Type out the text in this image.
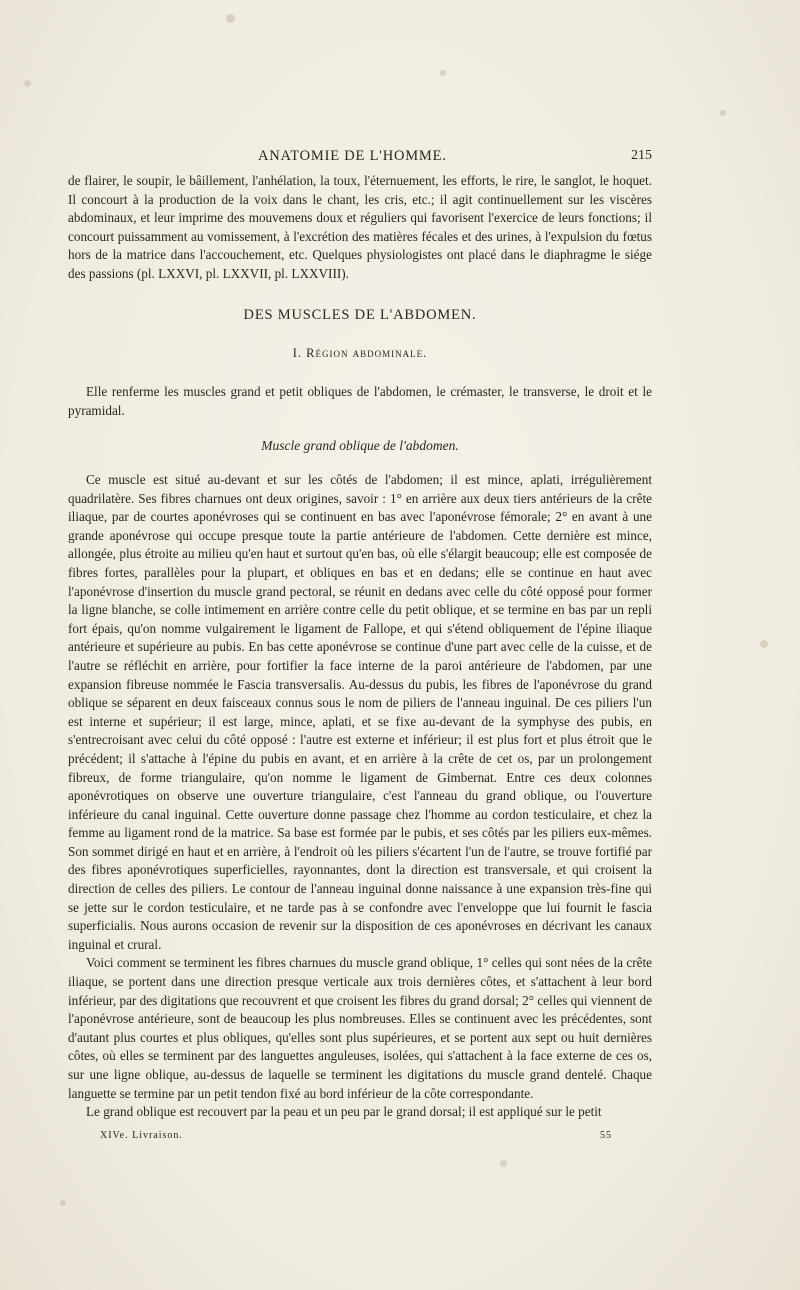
ANATOMIE DE L'HOMME.	215

de flairer, le soupir, le bâillement, l'anhélation, la toux, l'éternuement, les efforts, le rire, le sanglot, le hoquet. Il concourt à la production de la voix dans le chant, les cris, etc.; il agit continuellement sur les viscères abdominaux, et leur imprime des mouvemens doux et réguliers qui favorisent l'exercice de leurs fonctions; il concourt puissamment au vomissement, à l'excrétion des matières fécales et des urines, à l'expulsion du fœtus hors de la matrice dans l'accouchement, etc. Quelques physiologistes ont placé dans le diaphragme le siége des passions (pl. LXXVI, pl. LXXVII, pl. LXXVIII).

DES MUSCLES DE L'ABDOMEN.
I. Région abdominale.

Elle renferme les muscles grand et petit obliques de l'abdomen, le crémaster, le transverse, le droit et le pyramidal.

Muscle grand oblique de l'abdomen.

Ce muscle est situé au-devant et sur les côtés de l'abdomen; il est mince, aplati, irrégulièrement quadrilatère. Ses fibres charnues ont deux origines, savoir : 1° en arrière aux deux tiers antérieurs de la crête iliaque, par de courtes aponévroses qui se continuent en bas avec l'aponévrose fémorale; 2° en avant à une grande aponévrose qui occupe presque toute la partie antérieure de l'abdomen. Cette dernière est mince, allongée, plus étroite au milieu qu'en haut et surtout qu'en bas, où elle s'élargit beaucoup; elle est composée de fibres fortes, parallèles pour la plupart, et obliques en bas et en dedans; elle se continue en haut avec l'aponévrose d'insertion du muscle grand pectoral, se réunit en dedans avec celle du côté opposé pour former la ligne blanche, se colle intimement en arrière contre celle du petit oblique, et se termine en bas par un repli fort épais, qu'on nomme vulgairement le ligament de Fallope, et qui s'étend obliquement de l'épine iliaque antérieure et supérieure au pubis. En bas cette aponévrose se continue d'une part avec celle de la cuisse, et de l'autre se réfléchit en arrière, pour fortifier la face interne de la paroi antérieure de l'abdomen, par une expansion fibreuse nommée le Fascia transversalis. Au-dessus du pubis, les fibres de l'aponévrose du grand oblique se séparent en deux faisceaux connus sous le nom de piliers de l'anneau inguinal. De ces piliers l'un est interne et supérieur; il est large, mince, aplati, et se fixe au-devant de la symphyse des pubis, en s'entrecroisant avec celui du côté opposé : l'autre est externe et inférieur; il est plus fort et plus étroit que le précédent; il s'attache à l'épine du pubis en avant, et en arrière à la crête de cet os, par un prolongement fibreux, de forme triangulaire, qu'on nomme le ligament de Gimbernat. Entre ces deux colonnes aponévrotiques on observe une ouverture triangulaire, c'est l'anneau du grand oblique, ou l'ouverture inférieure du canal inguinal. Cette ouverture donne passage chez l'homme au cordon testiculaire, et chez la femme au ligament rond de la matrice. Sa base est formée par le pubis, et ses côtés par les piliers eux-mêmes. Son sommet dirigé en haut et en arrière, à l'endroit où les piliers s'écartent l'un de l'autre, se trouve fortifié par des fibres aponévrotiques superficielles, rayonnantes, dont la direction est transversale, et qui croisent la direction de celles des piliers. Le contour de l'anneau inguinal donne naissance à une expansion très-fine qui se jette sur le cordon testiculaire, et ne tarde pas à se confondre avec l'enveloppe que lui fournit le fascia superficialis. Nous aurons occasion de revenir sur la disposition de ces aponévroses en décrivant les canaux inguinal et crural.

Voici comment se terminent les fibres charnues du muscle grand oblique, 1° celles qui sont nées de la crête iliaque, se portent dans une direction presque verticale aux trois dernières côtes, et s'attachent à leur bord inférieur, par des digitations que recouvrent et que croisent les fibres du grand dorsal; 2° celles qui viennent de l'aponévrose antérieure, sont de beaucoup les plus nombreuses. Elles se continuent avec les précédentes, sont d'autant plus courtes et plus obliques, qu'elles sont plus supérieures, et se portent aux sept ou huit dernières côtes, où elles se terminent par des languettes anguleuses, isolées, qui s'attachent à la face externe de ces os, sur une ligne oblique, au-dessus de laquelle se terminent les digitations du muscle grand dentelé. Chaque languette se termine par un petit tendon fixé au bord inférieur de la côte correspondante.

Le grand oblique est recouvert par la peau et un peu par le grand dorsal; il est appliqué sur le petit

XIVe. Livraison.	55
